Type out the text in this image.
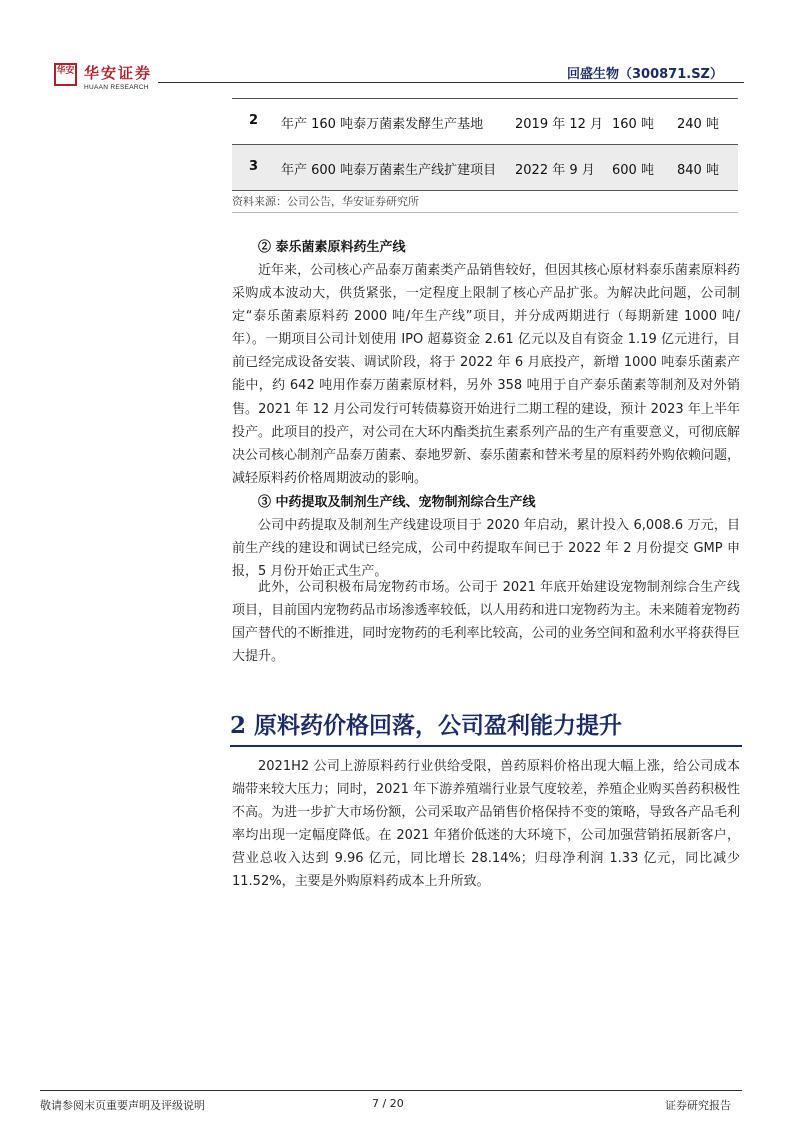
华安 华安证券
HUAAN RESEARCH
回盛生物（300871.SZ）
2 年产 160 吨泰万菌素发酵生产基地 2019 年 12 月 160 吨 240 吨
3 年产 600 吨泰万菌素生产线扩建项目 2022 年 9 月 600 吨 840 吨
资料来源：公司公告，华安证券研究所
② 泰乐菌素原料药生产线

近年来，公司核心产品泰万菌素类产品销售较好，但因其核心原材料泰乐菌素原料药采购成本波动大，供货紧张，一定程度上限制了核心产品扩张。为解决此问题，公司制定“泰乐菌素原料药 2000 吨/年生产线”项目，并分成两期进行（每期新建 1000 吨/年）。一期项目公司计划使用 IPO 超募资金 2.61 亿元以及自有资金 1.19 亿元进行，目前已经完成设备安装、调试阶段，将于 2022 年 6 月底投产，新增 1000 吨泰乐菌素产能中，约 642 吨用作泰万菌素原材料，另外 358 吨用于自产泰乐菌素等制剂及对外销售。2021 年 12 月公司发行可转债募资开始进行二期工程的建设，预计 2023 年上半年投产。此项目的投产，对公司在大环内酯类抗生素系列产品的生产有重要意义，可彻底解决公司核心制剂产品泰万菌素、泰地罗新、泰乐菌素和替米考星的原料药外购依赖问题，减轻原料药价格周期波动的影响。

③ 中药提取及制剂生产线、宠物制剂综合生产线

公司中药提取及制剂生产线建设项目于 2020 年启动，累计投入 6,008.6 万元，目前生产线的建设和调试已经完成，公司中药提取车间已于 2022 年 2 月份提交 GMP 申报，5 月份开始正式生产。

此外，公司积极布局宠物药市场。公司于 2021 年底开始建设宠物制剂综合生产线项目，目前国内宠物药品市场渗透率较低，以人用药和进口宠物药为主。未来随着宠物药国产替代的不断推进，同时宠物药的毛利率比较高，公司的业务空间和盈利水平将获得巨大提升。

2 原料药价格回落，公司盈利能力提升

2021H2 公司上游原料药行业供给受限，兽药原料价格出现大幅上涨，给公司成本端带来较大压力；同时，2021 年下游养殖端行业景气度较差，养殖企业购买兽药积极性不高。为进一步扩大市场份额，公司采取产品销售价格保持不变的策略，导致各产品毛利率均出现一定幅度降低。在 2021 年猪价低迷的大环境下，公司加强营销拓展新客户，营业总收入达到 9.96 亿元，同比增长 28.14%；归母净利润 1.33 亿元，同比减少 11.52%，主要是外购原料药成本上升所致。

敬请参阅末页重要声明及评级说明	7 / 20	证券研究报告
